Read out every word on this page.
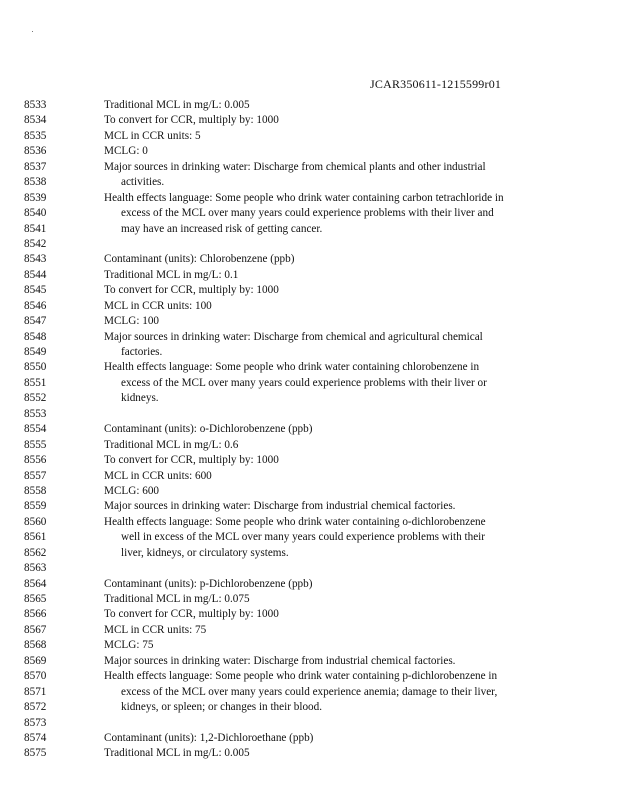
JCAR350611-1215599r01
8533	Traditional MCL in mg/L: 0.005
8534	To convert for CCR, multiply by: 1000
8535	MCL in CCR units: 5
8536	MCLG: 0
8537	Major sources in drinking water: Discharge from chemical plants and other industrial
8538	activities.
8539	Health effects language: Some people who drink water containing carbon tetrachloride in
8540	excess of the MCL over many years could experience problems with their liver and
8541	may have an increased risk of getting cancer.
8542
8543	Contaminant (units): Chlorobenzene (ppb)
8544	Traditional MCL in mg/L: 0.1
8545	To convert for CCR, multiply by: 1000
8546	MCL in CCR units: 100
8547	MCLG: 100
8548	Major sources in drinking water: Discharge from chemical and agricultural chemical
8549	factories.
8550	Health effects language: Some people who drink water containing chlorobenzene in
8551	excess of the MCL over many years could experience problems with their liver or
8552	kidneys.
8553
8554	Contaminant (units): o-Dichlorobenzene (ppb)
8555	Traditional MCL in mg/L: 0.6
8556	To convert for CCR, multiply by: 1000
8557	MCL in CCR units: 600
8558	MCLG: 600
8559	Major sources in drinking water: Discharge from industrial chemical factories.
8560	Health effects language: Some people who drink water containing o-dichlorobenzene
8561	well in excess of the MCL over many years could experience problems with their
8562	liver, kidneys, or circulatory systems.
8563
8564	Contaminant (units): p-Dichlorobenzene (ppb)
8565	Traditional MCL in mg/L: 0.075
8566	To convert for CCR, multiply by: 1000
8567	MCL in CCR units: 75
8568	MCLG: 75
8569	Major sources in drinking water: Discharge from industrial chemical factories.
8570	Health effects language: Some people who drink water containing p-dichlorobenzene in
8571	excess of the MCL over many years could experience anemia; damage to their liver,
8572	kidneys, or spleen; or changes in their blood.
8573
8574	Contaminant (units): 1,2-Dichloroethane (ppb)
8575	Traditional MCL in mg/L: 0.005
